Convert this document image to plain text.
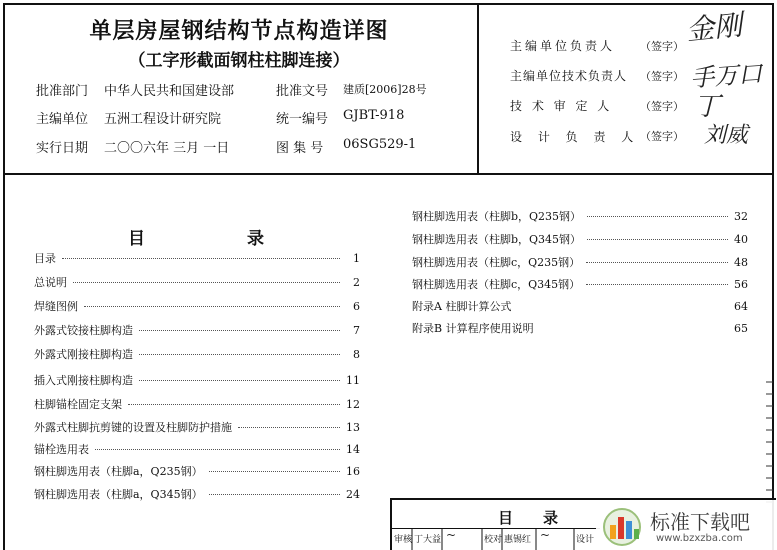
单层房屋钢结构节点构造详图
（工字形截面钢柱柱脚连接）
批准部门 中华人民共和国建设部	批准文号 建质[2006]28号
主编单位 五洲工程设计研究院	统一编号 GJBT-918
实行日期 二〇〇六年 三月 一日	图 集 号 06SG529-1
主编单位负责人 （签字） 金刚
主编单位技术负责人 （签字） 手万口
技 术 审 定 人	（签字） 丁
设 计 负 责 人 （签字） 刘威
目　　　　　　录
目录	1
总说明	2
焊缝图例	6
外露式铰接柱脚构造	7
外露式刚接柱脚构造	8
插入式刚接柱脚构造	11
柱脚锚栓固定支架	12
外露式柱脚抗剪键的设置及柱脚防护措施	13
锚栓选用表	14
钢柱脚选用表（柱脚a，Q235钢）	16
钢柱脚选用表（柱脚a，Q345钢）	24
钢柱脚选用表（柱脚b，Q235钢）	32
钢柱脚选用表（柱脚b，Q345钢）	40
钢柱脚选用表（柱脚c，Q235钢）	48
钢柱脚选用表（柱脚c，Q345钢）	56
附录A 柱脚计算公式	64
附录B 计算程序使用说明	65
目　　录
审核 丁大益 ~	校对 惠锡红 ~	设计
标准下载吧
www.bzxzba.com
